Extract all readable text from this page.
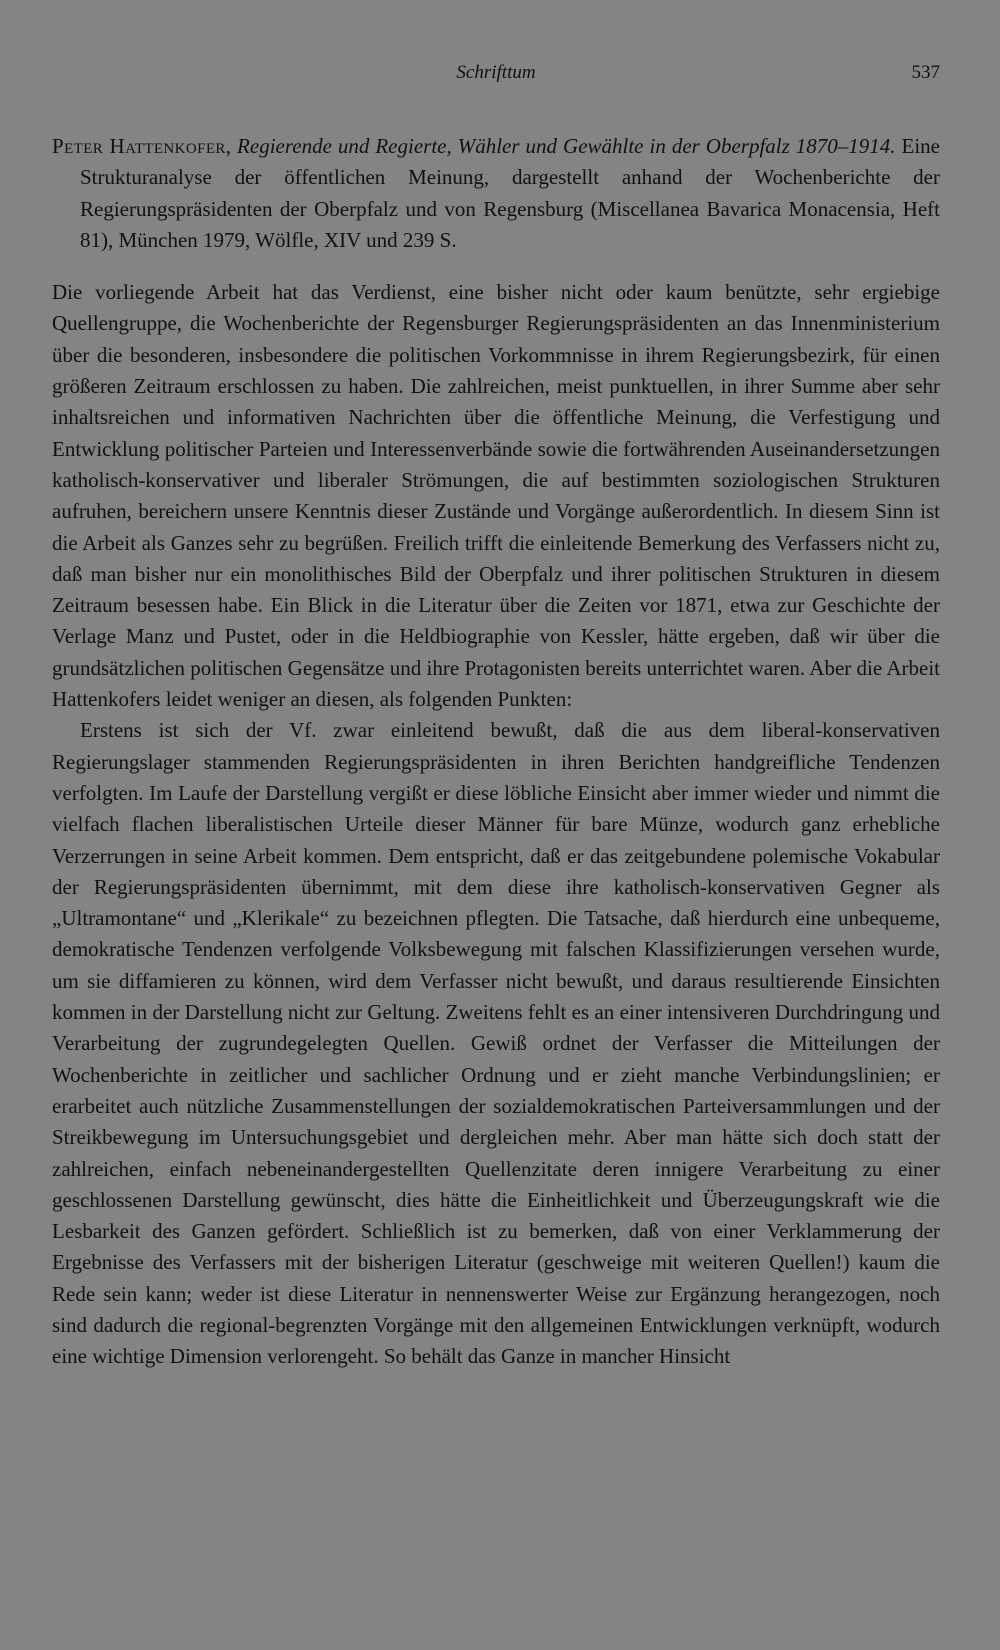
Schrifttum	537

Peter Hattenkofer, Regierende und Regierte, Wähler und Gewählte in der Oberpfalz 1870–1914. Eine Strukturanalyse der öffentlichen Meinung, dargestellt anhand der Wochenberichte der Regierungspräsidenten der Oberpfalz und von Regensburg (Miscellanea Bavarica Monacensia, Heft 81), München 1979, Wölfle, XIV und 239 S.

Die vorliegende Arbeit hat das Verdienst, eine bisher nicht oder kaum benützte, sehr ergiebige Quellengruppe, die Wochenberichte der Regensburger Regierungspräsidenten an das Innenministerium über die besonderen, insbesondere die politischen Vorkommnisse in ihrem Regierungsbezirk, für einen größeren Zeitraum erschlossen zu haben. Die zahlreichen, meist punktuellen, in ihrer Summe aber sehr inhaltsreichen und informativen Nachrichten über die öffentliche Meinung, die Verfestigung und Entwicklung politischer Parteien und Interessenverbände sowie die fortwährenden Auseinandersetzungen katholisch-konservativer und liberaler Strömungen, die auf bestimmten soziologischen Strukturen aufruhen, bereichern unsere Kenntnis dieser Zustände und Vorgänge außerordentlich. In diesem Sinn ist die Arbeit als Ganzes sehr zu begrüßen. Freilich trifft die einleitende Bemerkung des Verfassers nicht zu, daß man bisher nur ein monolithisches Bild der Oberpfalz und ihrer politischen Strukturen in diesem Zeitraum besessen habe. Ein Blick in die Literatur über die Zeiten vor 1871, etwa zur Geschichte der Verlage Manz und Pustet, oder in die Heldbiographie von Kessler, hätte ergeben, daß wir über die grundsätzlichen politischen Gegensätze und ihre Protagonisten bereits unterrichtet waren. Aber die Arbeit Hattenkofers leidet weniger an diesen, als folgenden Punkten:

Erstens ist sich der Vf. zwar einleitend bewußt, daß die aus dem liberal-konservativen Regierungslager stammenden Regierungspräsidenten in ihren Berichten handgreifliche Tendenzen verfolgten. Im Laufe der Darstellung vergißt er diese löbliche Einsicht aber immer wieder und nimmt die vielfach flachen liberalistischen Urteile dieser Männer für bare Münze, wodurch ganz erhebliche Verzerrungen in seine Arbeit kommen. Dem entspricht, daß er das zeitgebundene polemische Vokabular der Regierungspräsidenten übernimmt, mit dem diese ihre katholisch-konservativen Gegner als „Ultramontane“ und „Klerikale“ zu bezeichnen pflegten. Die Tatsache, daß hierdurch eine unbequeme, demokratische Tendenzen verfolgende Volksbewegung mit falschen Klassifizierungen versehen wurde, um sie diffamieren zu können, wird dem Verfasser nicht bewußt, und daraus resultierende Einsichten kommen in der Darstellung nicht zur Geltung. Zweitens fehlt es an einer intensiveren Durchdringung und Verarbeitung der zugrundegelegten Quellen. Gewiß ordnet der Verfasser die Mitteilungen der Wochenberichte in zeitlicher und sachlicher Ordnung und er zieht manche Verbindungslinien; er erarbeitet auch nützliche Zusammenstellungen der sozialdemokratischen Parteiversammlungen und der Streikbewegung im Untersuchungsgebiet und dergleichen mehr. Aber man hätte sich doch statt der zahlreichen, einfach nebeneinandergestellten Quellenzitate deren innigere Verarbeitung zu einer geschlossenen Darstellung gewünscht, dies hätte die Einheitlichkeit und Überzeugungskraft wie die Lesbarkeit des Ganzen gefördert. Schließlich ist zu bemerken, daß von einer Verklammerung der Ergebnisse des Verfassers mit der bisherigen Literatur (geschweige mit weiteren Quellen!) kaum die Rede sein kann; weder ist diese Literatur in nennenswerter Weise zur Ergänzung herangezogen, noch sind dadurch die regional-begrenzten Vorgänge mit den allgemeinen Entwicklungen verknüpft, wodurch eine wichtige Dimension verlorengeht. So behält das Ganze in mancher Hinsicht
